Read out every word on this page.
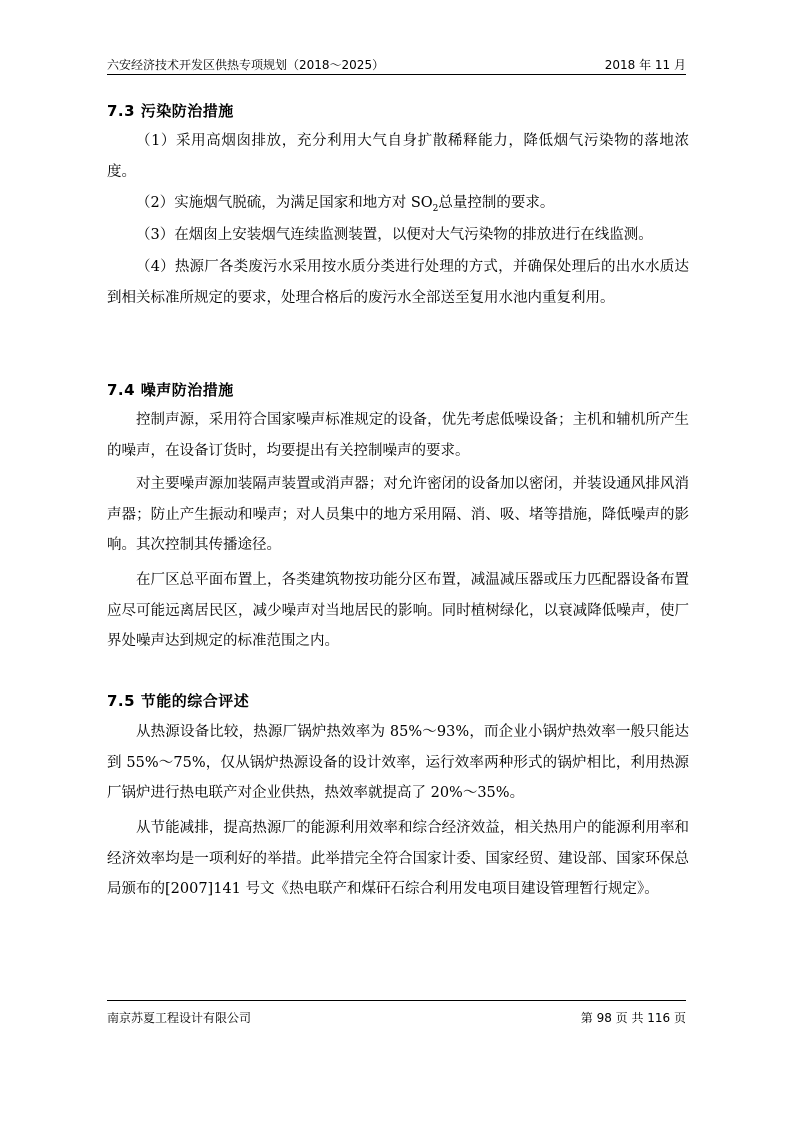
六安经济技术开发区供热专项规划（2018～2025）	2018 年 11 月
7.3 污染防治措施

（1）采用高烟囱排放，充分利用大气自身扩散稀释能力，降低烟气污染物的落地浓度。

（2）实施烟气脱硫，为满足国家和地方对 $SO_2$总量控制的要求。

（3）在烟囱上安装烟气连续监测装置，以便对大气污染物的排放进行在线监测。

（4）热源厂各类废污水采用按水质分类进行处理的方式，并确保处理后的出水水质达到相关标准所规定的要求，处理合格后的废污水全部送至复用水池内重复利用。

7.4 噪声防治措施

控制声源，采用符合国家噪声标准规定的设备，优先考虑低噪设备；主机和辅机所产生的噪声，在设备订货时，均要提出有关控制噪声的要求。

对主要噪声源加装隔声装置或消声器；对允许密闭的设备加以密闭，并装设通风排风消声器；防止产生振动和噪声；对人员集中的地方采用隔、消、吸、堵等措施，降低噪声的影响。其次控制其传播途径。

在厂区总平面布置上，各类建筑物按功能分区布置，减温减压器或压力匹配器设备布置应尽可能远离居民区，减少噪声对当地居民的影响。同时植树绿化，以衰减降低噪声，使厂界处噪声达到规定的标准范围之内。

7.5 节能的综合评述

从热源设备比较，热源厂锅炉热效率为 85%～93%，而企业小锅炉热效率一般只能达到 55%～75%，仅从锅炉热源设备的设计效率，运行效率两种形式的锅炉相比，利用热源厂锅炉进行热电联产对企业供热，热效率就提高了 20%～35%。

从节能减排，提高热源厂的能源利用效率和综合经济效益，相关热用户的能源利用率和经济效率均是一项利好的举措。此举措完全符合国家计委、国家经贸、建设部、国家环保总局颁布的[2007]141 号文《热电联产和煤矸石综合利用发电项目建设管理暂行规定》。

南京苏夏工程设计有限公司	第 98 页 共 116 页
